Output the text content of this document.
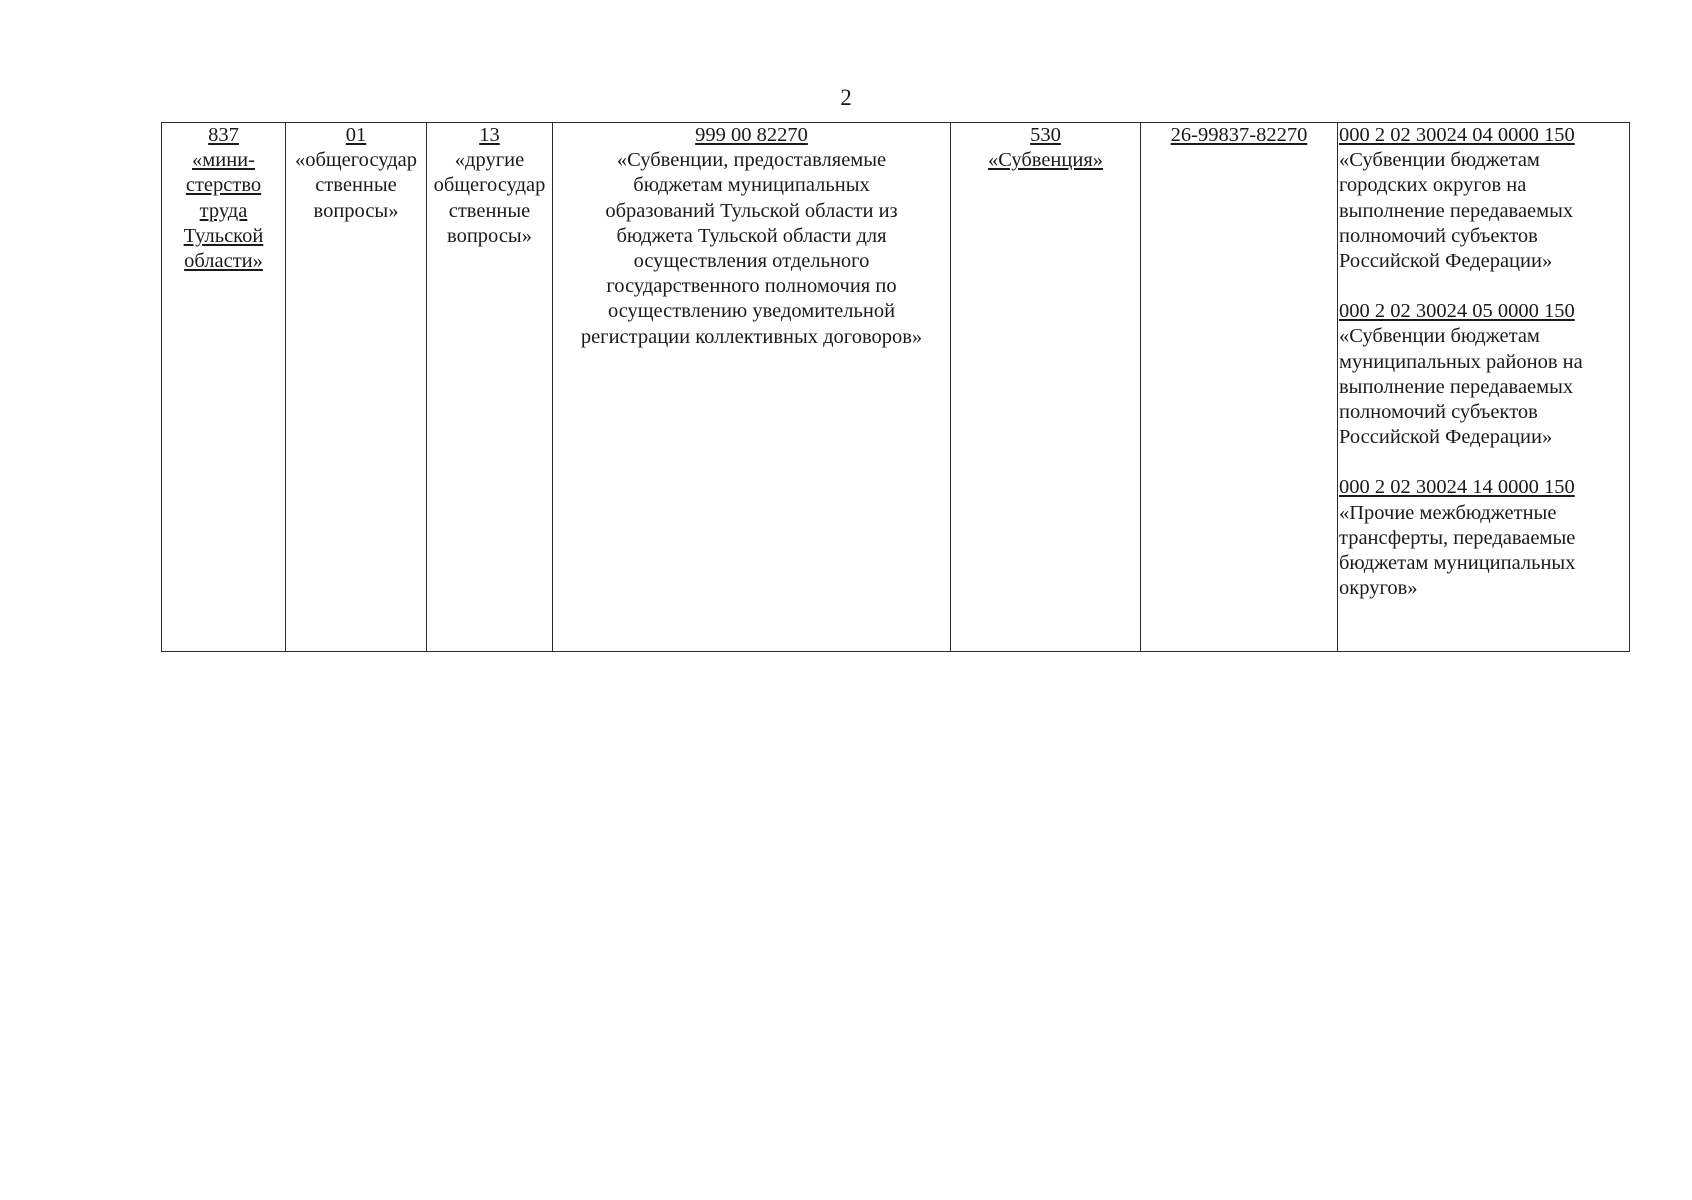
2
837
«мини-
стерство
труда
Тульской
области»

01
«общегосудар
ственные
вопросы»

13
«другие
общегосудар
ственные
вопросы»

999 00 82270
«Субвенции, предоставляемые
бюджетам муниципальных
образований Тульской области из
бюджета Тульской области для
осуществления отдельного
государственного полномочия по
осуществлению уведомительной
регистрации коллективных договоров»

530
«Субвенция»

26-99837-82270	000 2 02 30024 04 0000 150
«Субвенции бюджетам
городских округов на
выполнение передаваемых
полномочий субъектов
Российской Федерации»
000 2 02 30024 05 0000 150
«Субвенции бюджетам
муниципальных районов на
выполнение передаваемых
полномочий субъектов
Российской Федерации»
000 2 02 30024 14 0000 150
«Прочие межбюджетные
трансферты, передаваемые
бюджетам муниципальных
округов»
